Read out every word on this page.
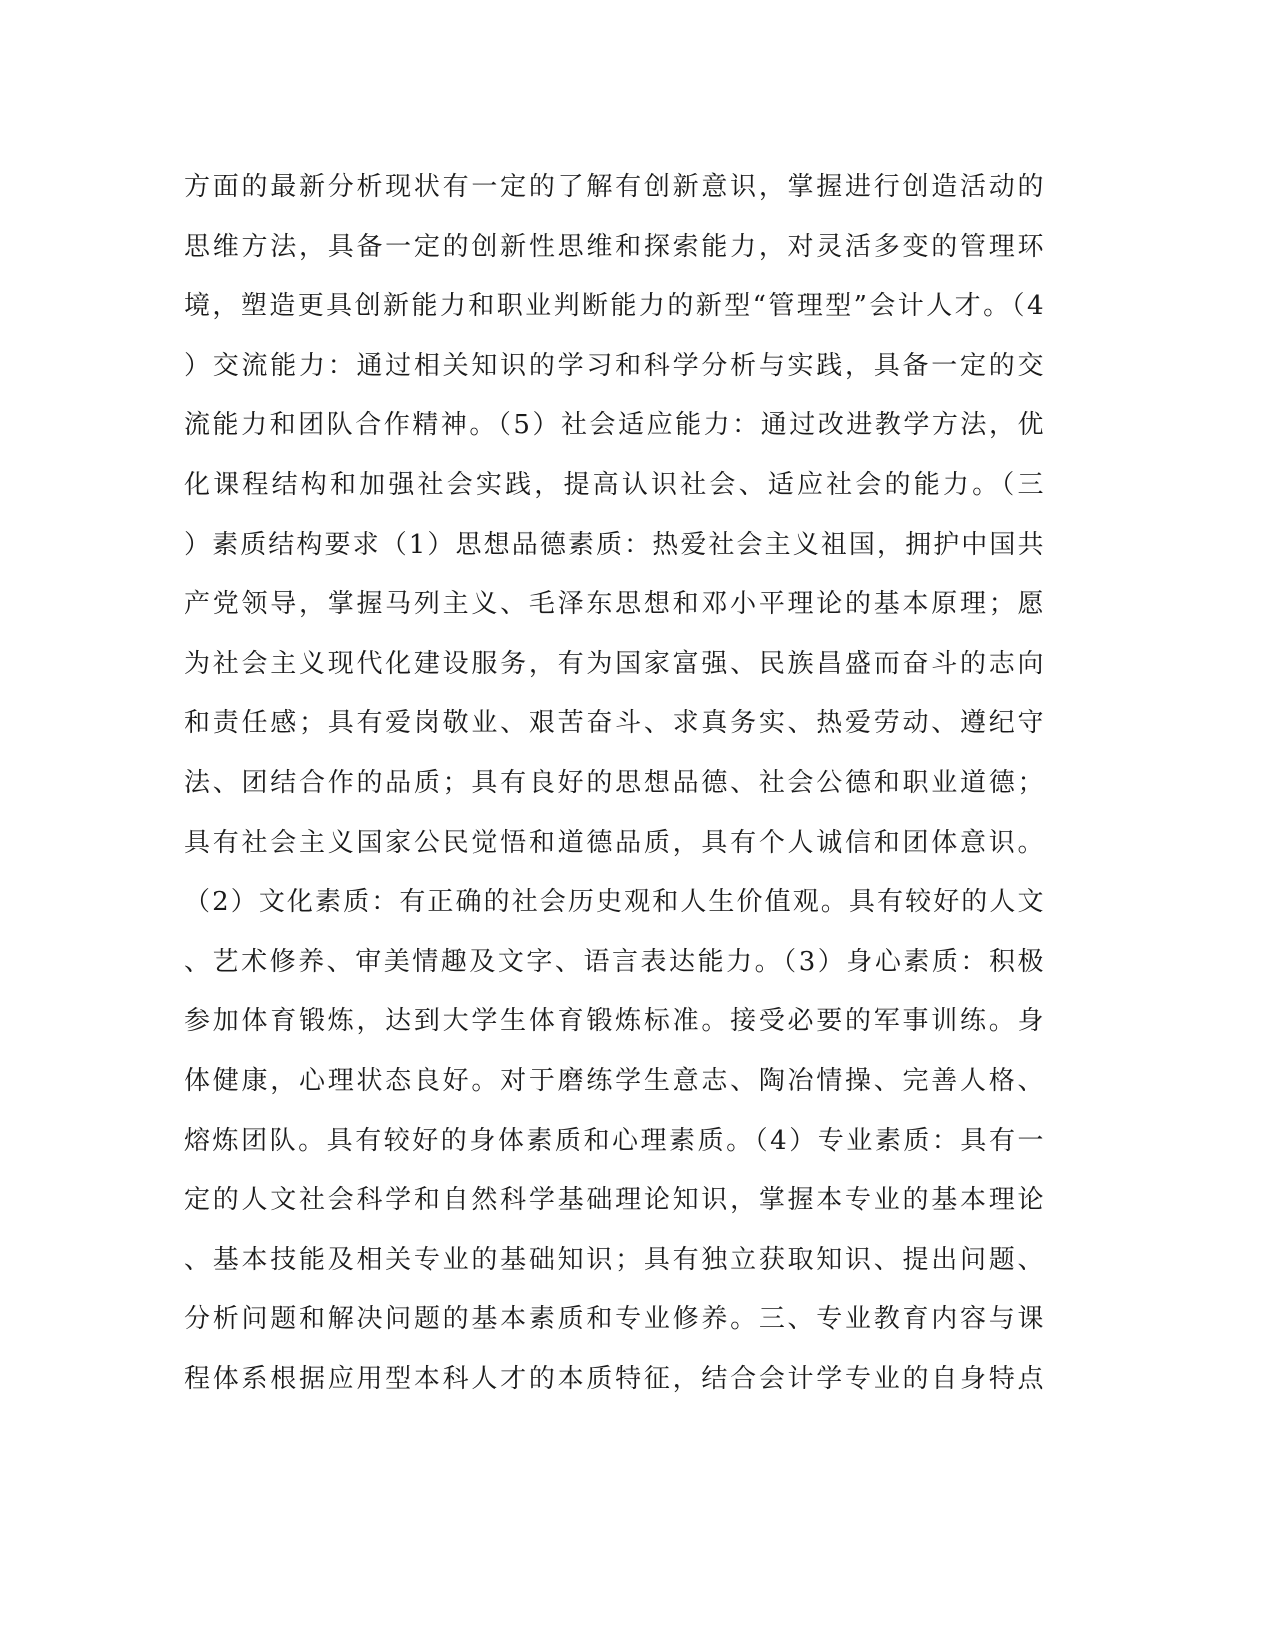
方面的最新分析现状有一定的了解有创新意识，掌握进行创造活动的
思维方法，具备一定的创新性思维和探索能力，对灵活多变的管理环
境，塑造更具创新能力和职业判断能力的新型“管理型”会计人才。（4
）交流能力：通过相关知识的学习和科学分析与实践，具备一定的交
流能力和团队合作精神。（5）社会适应能力：通过改进教学方法，优
化课程结构和加强社会实践，提高认识社会、适应社会的能力。（三
）素质结构要求（1）思想品德素质：热爱社会主义祖国，拥护中国共
产党领导，掌握马列主义、毛泽东思想和邓小平理论的基本原理；愿
为社会主义现代化建设服务，有为国家富强、民族昌盛而奋斗的志向
和责任感；具有爱岗敬业、艰苦奋斗、求真务实、热爱劳动、遵纪守
法、团结合作的品质；具有良好的思想品德、社会公德和职业道德；
具有社会主义国家公民觉悟和道德品质，具有个人诚信和团体意识。
（2）文化素质：有正确的社会历史观和人生价值观。具有较好的人文
、艺术修养、审美情趣及文字、语言表达能力。（3）身心素质：积极
参加体育锻炼，达到大学生体育锻炼标准。接受必要的军事训练。身
体健康，心理状态良好。对于磨练学生意志、陶冶情操、完善人格、
熔炼团队。具有较好的身体素质和心理素质。（4）专业素质：具有一
定的人文社会科学和自然科学基础理论知识，掌握本专业的基本理论
、基本技能及相关专业的基础知识；具有独立获取知识、提出问题、
分析问题和解决问题的基本素质和专业修养。三、专业教育内容与课
程体系根据应用型本科人才的本质特征，结合会计学专业的自身特点
